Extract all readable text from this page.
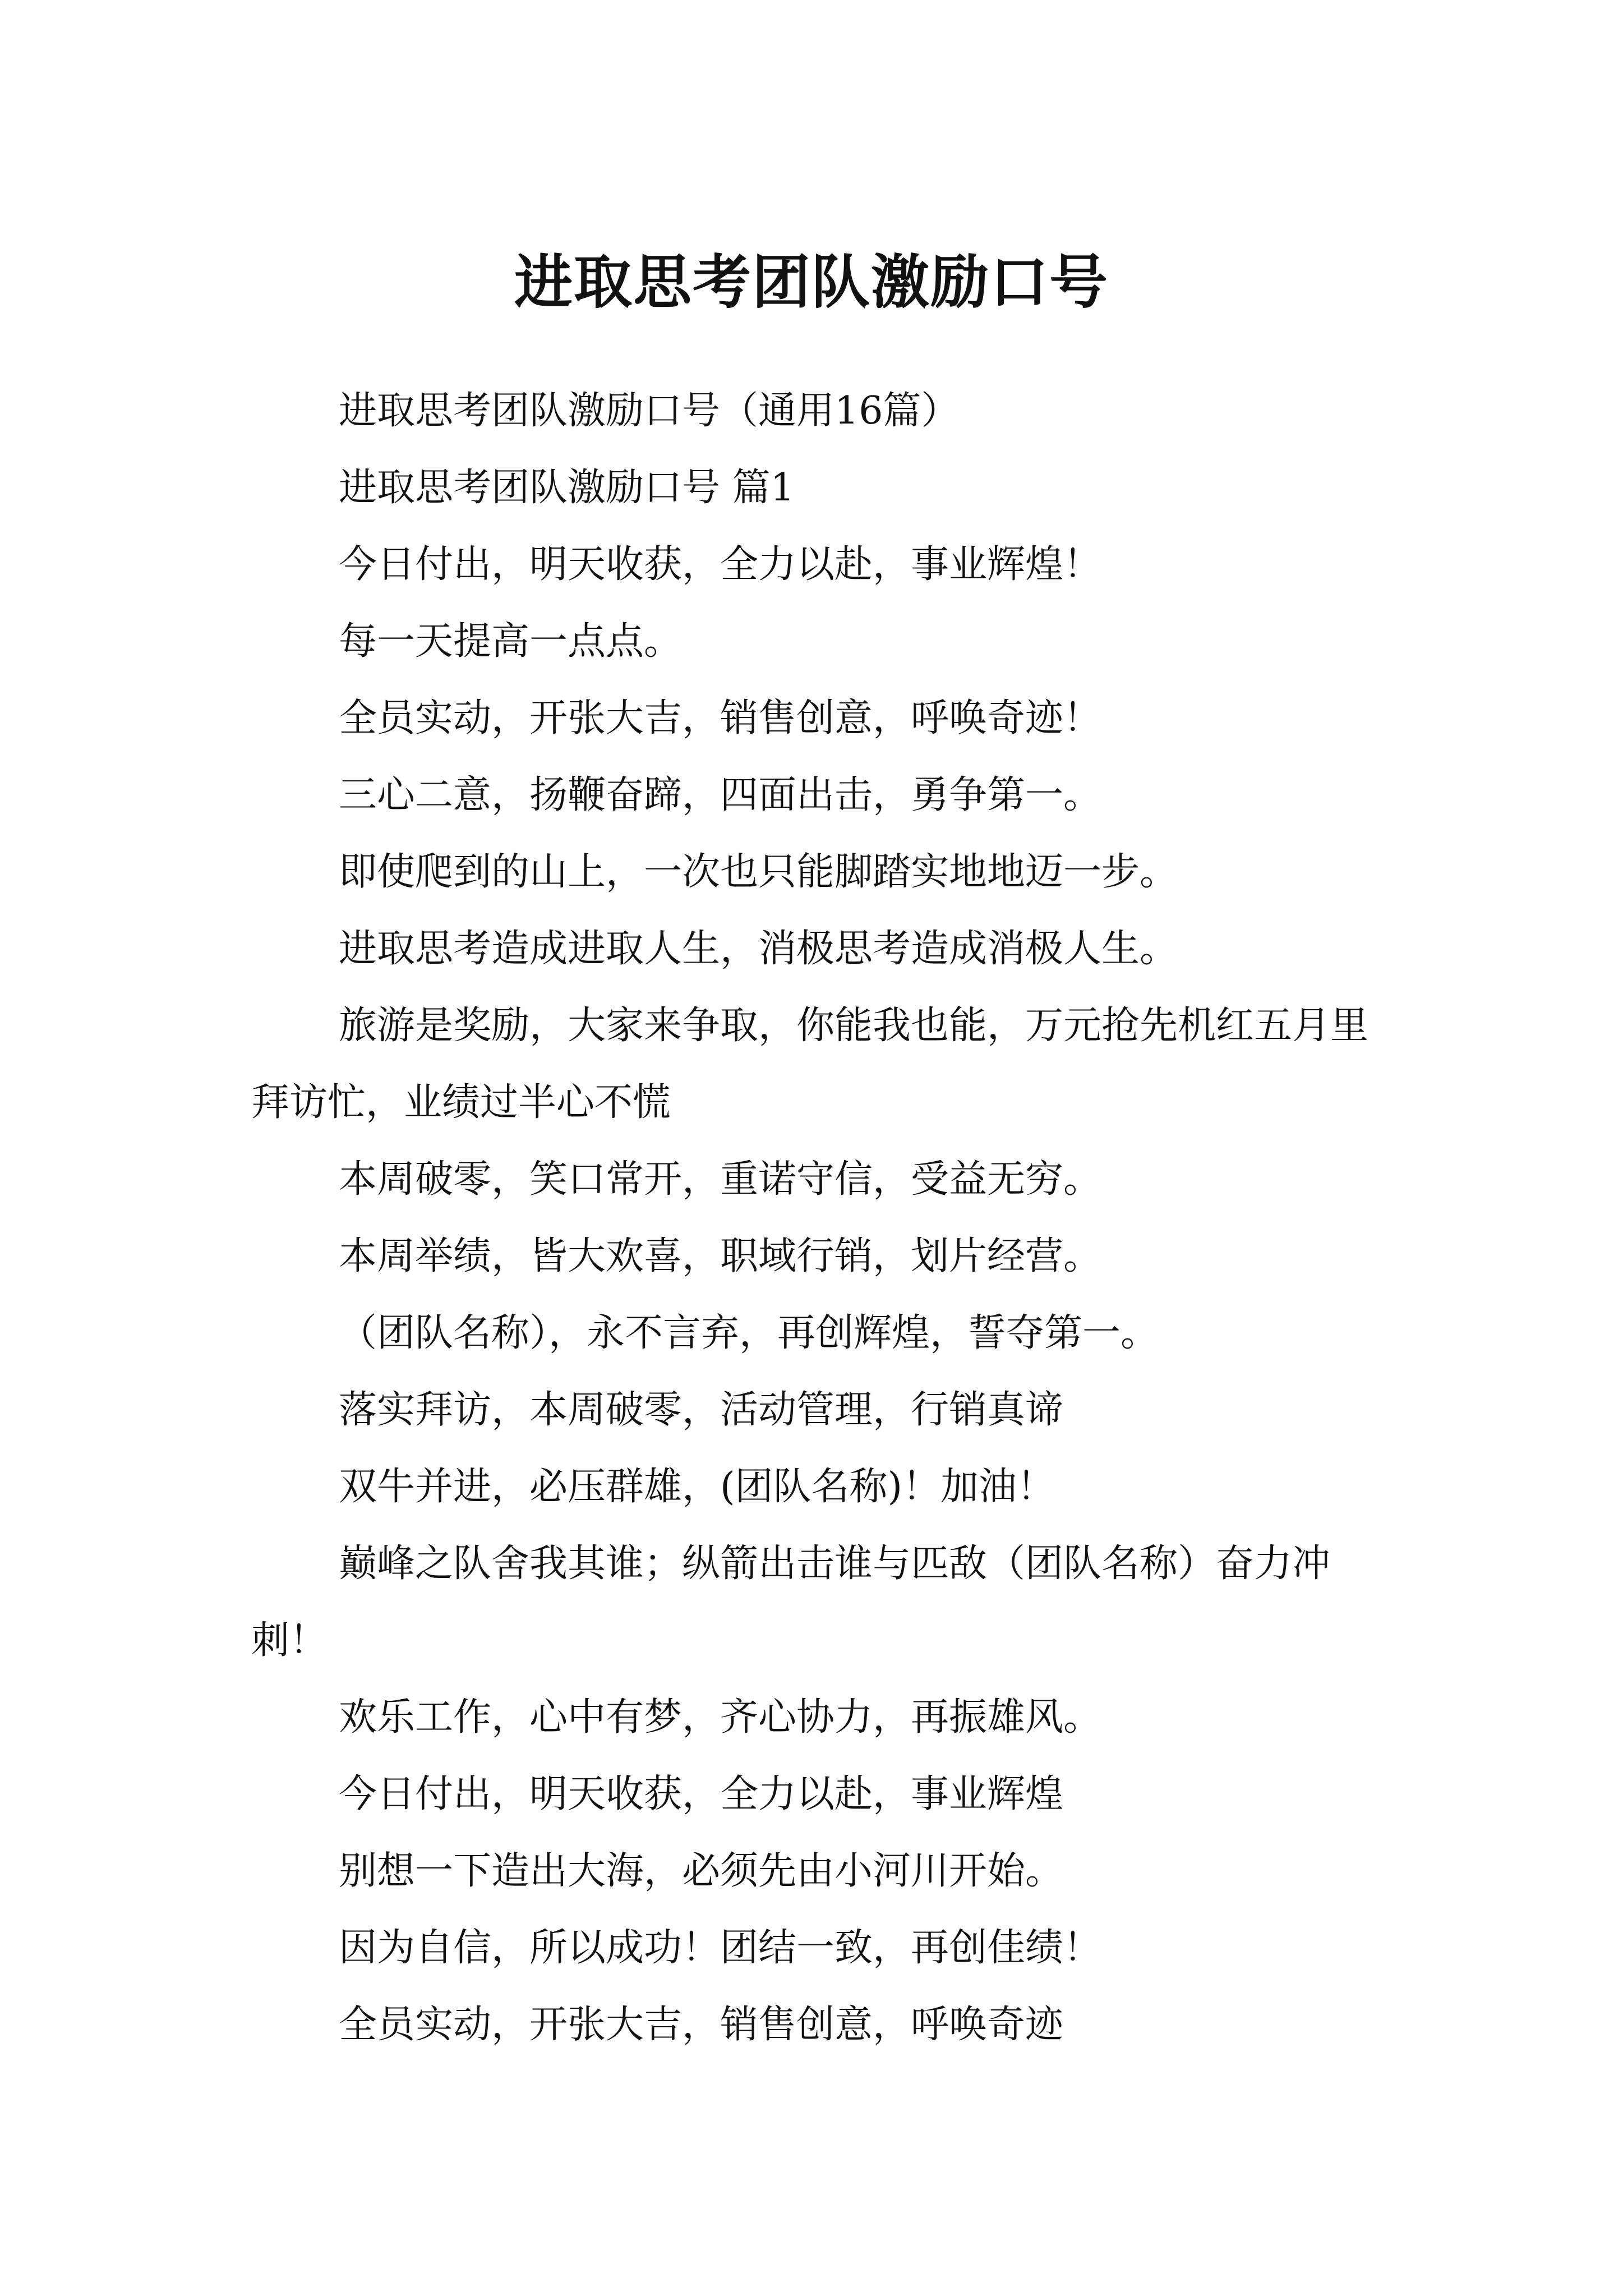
进取思考团队激励口号

进取思考团队激励口号（通用16篇）

进取思考团队激励口号 篇1

今日付出，明天收获，全力以赴，事业辉煌！

每一天提高一点点。

全员实动，开张大吉，销售创意，呼唤奇迹！

三心二意，扬鞭奋蹄，四面出击，勇争第一。

即使爬到的山上，一次也只能脚踏实地地迈一步。

进取思考造成进取人生，消极思考造成消极人生。

旅游是奖励，大家来争取，你能我也能，万元抢先机红五月里拜访忙，业绩过半心不慌

本周破零，笑口常开，重诺守信，受益无穷。

本周举绩，皆大欢喜，职域行销，划片经营。

（团队名称），永不言弃，再创辉煌，誓夺第一。

落实拜访，本周破零，活动管理，行销真谛

双牛并进，必压群雄，(团队名称)！加油！

巅峰之队舍我其谁；纵箭出击谁与匹敌（团队名称）奋力冲刺！

欢乐工作，心中有梦，齐心协力，再振雄风。

今日付出，明天收获，全力以赴，事业辉煌

别想一下造出大海，必须先由小河川开始。

因为自信，所以成功！团结一致，再创佳绩！

全员实动，开张大吉，销售创意，呼唤奇迹
